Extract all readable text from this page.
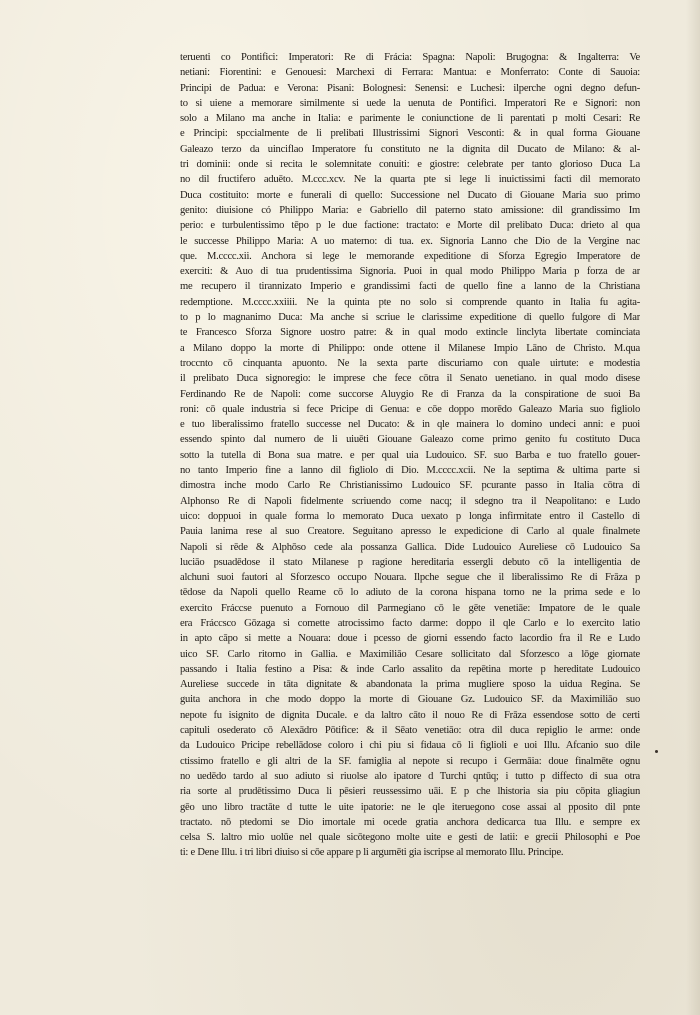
teruenti co Pontifici: Imperatori: Re di Frácia: Spagna: Napoli: Brugogna: & Ingalterra: Ve
netiani: Fiorentini: e Genouesi: Marchexi di Ferrara: Mantua: e Monferrato: Conte di Sauoia:
Principi de Padua: e Verona: Pisani: Bolognesi: Senensi: e Luchesi: ilperche ogni degno defun-
to si uiene a memorare similmente si uede la uenuta de Pontifici. Imperatori Re e Signori: non
solo a Milano ma anche in Italia: e parimente le coniunctione de li parentati p molti Cesari: Re
e Principi: spccialmente de li prelibati Illustrissimi Signori Vesconti: & in qual forma Giouane
Galeazo terzo da uinciflao Imperatore fu constituto ne la dignita dil Ducato de Milano: & al-
tri dominii: onde si recita le solemnitate conuiti: e giostre: celebrate per tanto glorioso Duca La
no dil fructifero aduēto. M.ccc.xcv. Ne la quarta pte si lege li inuictissimi facti dil memorato
Duca costituito: morte e funerali di quello: Successione nel Ducato di Giouane Maria suo primo
genito: diuisione có Philippo Maria: e Gabriello dil paterno stato amissione: dil grandissimo Im
perio: e turbulentissimo tēpo p le due factione: tractato: e Morte dil prelibato Duca: drieto al qua
le successe Philippo Maria: A uo materno: di tua. ex. Signoria Lanno che Dio de la Vergine nac
que. M.cccc.xii. Anchora si lege le memorande expeditione di Sforza Egregio Imperatore de
exerciti: & Auo di tua prudentissima Signoria. Puoi in qual modo Philippo Maria p forza de ar
me recupero il tirannizato Imperio e grandissimi facti de quello fine a lanno de la Christiana
redemptione. M.cccc.xxiiii. Ne la quinta pte no solo si comprende quanto in Italia fu agita-
to p lo magnanimo Duca: Ma anche si scriue le clarissime expeditione di quello fulgore di Mar
te Francesco Sforza Signore uostro patre: & in qual modo extincle linclyta libertate cominciata
a Milano doppo la morte di Philippo: onde ottene il Milanese Impio Lāno de Christo. M.qua
troccnto cō cinquanta apuonto. Ne la sexta parte discuriamo con quale uirtute: e modestia
il prelibato Duca signoregio: le imprese che fece cōtra il Senato uenetiano. in qual modo disese
Ferdinando Re de Napoli: come succorse Aluygio Re di Franza da la conspiratione de suoi Ba
roni: cō quale industria si fece Pricipe di Genua: e cōe doppo morēdo Galeazo Maria suo figliolo
e tuo liberalissimo fratello successe nel Ducato: & in qle mainera lo domino undeci anni: e puoi
essendo spinto dal numero de li uiuēti Giouane Galeazo come primo genito fu costituto Duca
sotto la tutella di Bona sua matre. e per qual uia Ludouico. SF. suo Barba e tuo fratello gouer-
no tanto Imperio fine a lanno dil figliolo di Dio. M.cccc.xcii. Ne la septima & ultima parte si
dimostra inche modo Carlo Re Christianissimo Ludouico SF. pcurante passo in Italia cōtra di
Alphonso Re di Napoli fidelmente scriuendo come nacq; il sdegno tra il Neapolitano: e Ludo
uico: doppuoi in quale forma lo memorato Duca uexato p longa infirmitate entro il Castello di
Pauia lanima rese al suo Creatore. Seguitano apresso le expedicione di Carlo al quale finalmete
Napoli si rēde & Alphōso cede ala possanza Gallica. Dide Ludouico Aureliese cō Ludouico Sa
luciāo psuadēdose il stato Milanese p ragione hereditaria essergli debuto cō la intelligentia de
alchuni suoi fautori al Sforzesco occupo Nouara. Ilpche segue che il liberalissimo Re di Frāza p
tēdose da Napoli quello Reame cō lo adiuto de la corona hispana torno ne la prima sede e lo
exercito Fráccse puenuto a Fornouo dil Parmegiano cō le gēte venetiāe: Impatore de le quale
era Fráccsco Gōzaga si comette atrocissimo facto darme: doppo il qle Carlo e lo exercito latio
in apto cāpo si mette a Nouara: doue i pcesso de giorni essendo facto lacordio fra il Re e Ludo
uico SF. Carlo ritorno in Gallia. e Maximiliāo Cesare sollicitato dal Sforzesco a lōge giornate
passando i Italia festino a Pisa: & inde Carlo assalito da repētina morte p hereditate Ludouico
Aureliese succede in tāta dignitate & abandonata la prima mugliere sposo la uidua Regina. Se
guita anchora in che modo doppo la morte di Giouane Gz. Ludouico SF. da Maximiliāo suo
nepote fu isignito de dignita Ducale. e da laltro cāto il nouo Re di Frāza essendose sotto de certi
capituli osederato cō Alexādro Pōtifice: & il Sēato venetiāo: otra dil duca repiglio le arme: onde
da Ludouico Pricipe rebellādose coloro i chi piu si fidaua cō li figlioli e uoi Illu. Afcanio suo dile
ctissimo fratello e gli altri de la SF. famiglia al nepote si recupo i Germāia: doue finalmēte ognu
no uedēdo tardo al suo adiuto si riuolse alo ipatore d Turchi qntūq; i tutto p diffecto di sua otra
ria sorte al prudētissimo Duca li pēsieri reussessimo uāi. E p che lhistoria sia piu cōpita gliagiun
gēo uno libro tractāte d tutte le uite ipatorie: ne le qle iteruegono cose assai al pposito dil pnte
tractato. nō ptedomi se Dio imortale mi ocede gratia anchora dedicarca tua Illu. e sempre ex
celsa S. laltro mio uolūe nel quale sicōtegono molte uite e gesti de latii: e grecii Philosophi e Poe
ti: e Dene Illu. i tri libri diuiso si cōe appare p li argumēti gia iscripse al memorato Illu. Principe.
